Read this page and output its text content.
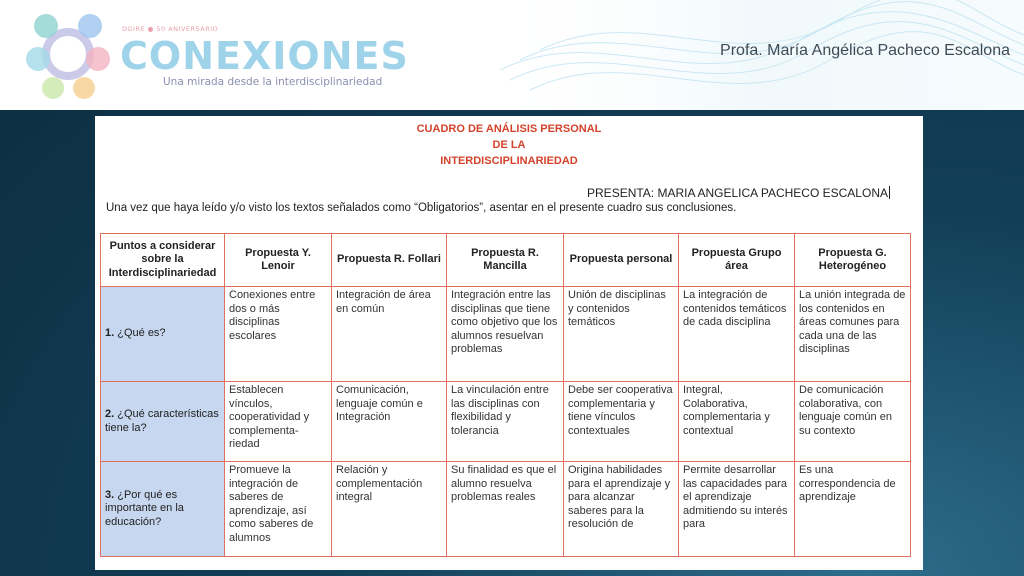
DGIRE ● 50 ANIVERSARIO
CONEXIONES
Una mirada desde la interdisciplinariedad
Profa. María Angélica Pacheco Escalona
CUADRO DE ANÁLISIS PERSONAL
DE LA
INTERDISCIPLINARIEDAD
PRESENTA: MARIA ANGELICA PACHECO ESCALONA
Una vez que haya leído y/o visto los textos señalados como “Obligatorios”, asentar en el presente cuadro sus conclusiones.
Puntos a considerar sobre la Interdisciplinariedad	Propuesta Y. Lenoir	Propuesta R. Follari	Propuesta R. Mancilla	Propuesta personal	Propuesta Grupo área	Propuesta G. Heterogéneo
1. ¿Qué es?	Conexiones entre dos o más disciplinas escolares	Integración de área en común	Integración entre las disciplinas que tiene como objetivo que los alumnos resuelvan problemas	Unión de disciplinas y contenidos temáticos	La integración de contenidos temáticos de cada disciplina	La unión integrada de los contenidos en áreas comunes para cada una de las disciplinas
2. ¿Qué características tiene la?	Establecen vínculos, cooperatividad y complementa-riedad	Comunicación, lenguaje común e Integración	La vinculación entre las disciplinas con flexibilidad y tolerancia	Debe ser cooperativa complementaria y tiene vínculos contextuales	Integral, Colaborativa, complementaria y contextual	De comunicación colaborativa, con lenguaje común en su contexto
3. ¿Por qué es importante en la educación?	Promueve la integración de saberes de aprendizaje, así como saberes de alumnos	Relación y complementación integral	Su finalidad es que el alumno resuelva problemas reales	Origina habilidades para el aprendizaje y para alcanzar saberes para la resolución de	Permite desarrollar las capacidades para el aprendizaje admitiendo su interés para	Es una correspondencia de aprendizaje
